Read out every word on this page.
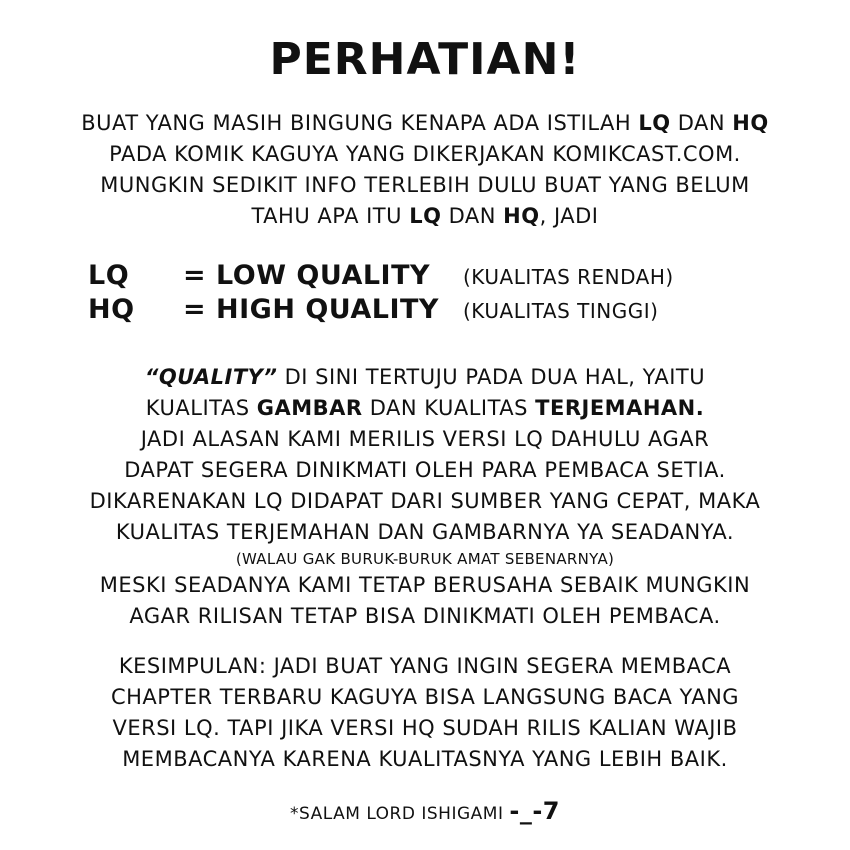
PERHATIAN!
BUAT YANG MASIH BINGUNG KENAPA ADA ISTILAH LQ DAN HQ
PADA KOMIK KAGUYA YANG DIKERJAKAN KOMIKCAST.COM.
MUNGKIN SEDIKIT INFO TERLEBIH DULU BUAT YANG BELUM
TAHU APA ITU LQ DAN HQ, JADI
LQ = LOW QUALITY (KUALITAS RENDAH)
HQ = HIGH QUALITY (KUALITAS TINGGI)
“QUALITY” DI SINI TERTUJU PADA DUA HAL, YAITU
KUALITAS GAMBAR DAN KUALITAS TERJEMAHAN.
JADI ALASAN KAMI MERILIS VERSI LQ DAHULU AGAR
DAPAT SEGERA DINIKMATI OLEH PARA PEMBACA SETIA.
DIKARENAKAN LQ DIDAPAT DARI SUMBER YANG CEPAT, MAKA
KUALITAS TERJEMAHAN DAN GAMBARNYA YA SEADANYA.
(WALAU GAK BURUK-BURUK AMAT SEBENARNYA)
MESKI SEADANYA KAMI TETAP BERUSAHA SEBAIK MUNGKIN
AGAR RILISAN TETAP BISA DINIKMATI OLEH PEMBACA.
KESIMPULAN: JADI BUAT YANG INGIN SEGERA MEMBACA
CHAPTER TERBARU KAGUYA BISA LANGSUNG BACA YANG
VERSI LQ. TAPI JIKA VERSI HQ SUDAH RILIS KALIAN WAJIB
MEMBACANYA KARENA KUALITASNYA YANG LEBIH BAIK.
*SALAM LORD ISHIGAMI -_-7
